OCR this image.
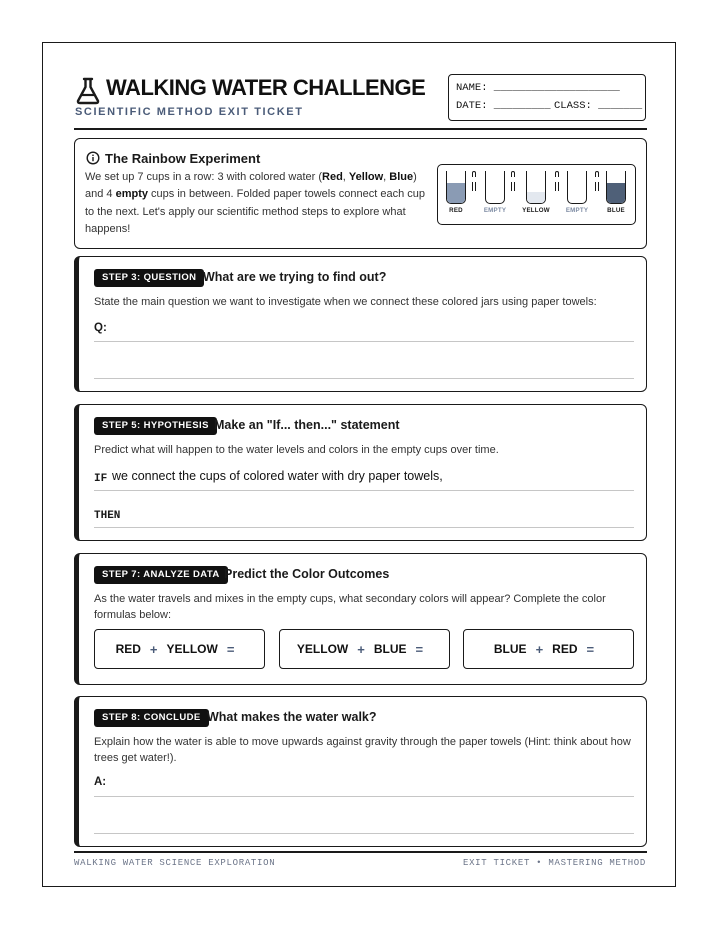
WALKING WATER CHALLENGE
SCIENTIFIC METHOD EXIT TICKET
NAME: ____________________
DATE: _________ CLASS: _______
The Rainbow Experiment
We set up 7 cups in a row: 3 with colored water (Red, Yellow, Blue) and 4 empty cups in between. Folded paper towels connect each cup to the next. Let's apply our scientific method steps to explore what happens!
RED	EMPTY	YELLOW	EMPTY	BLUE
STEP 3: QUESTION What are we trying to find out?
State the main question we want to investigate when we connect these colored jars using paper towels:
Q:
STEP 5: HYPOTHESIS Make an "If... then..." statement
Predict what will happen to the water levels and colors in the empty cups over time.
IF we connect the cups of colored water with dry paper towels,
THEN
STEP 7: ANALYZE DATA Predict the Color Outcomes
As the water travels and mixes in the empty cups, what secondary colors will appear? Complete the color formulas below:
RED + YELLOW =	YELLOW + BLUE =	BLUE + RED =
STEP 8: CONCLUDE What makes the water walk?
Explain how the water is able to move upwards against gravity through the paper towels (Hint: think about how trees get water!).
A:
WALKING WATER SCIENCE EXPLORATION	EXIT TICKET • MASTERING METHOD
